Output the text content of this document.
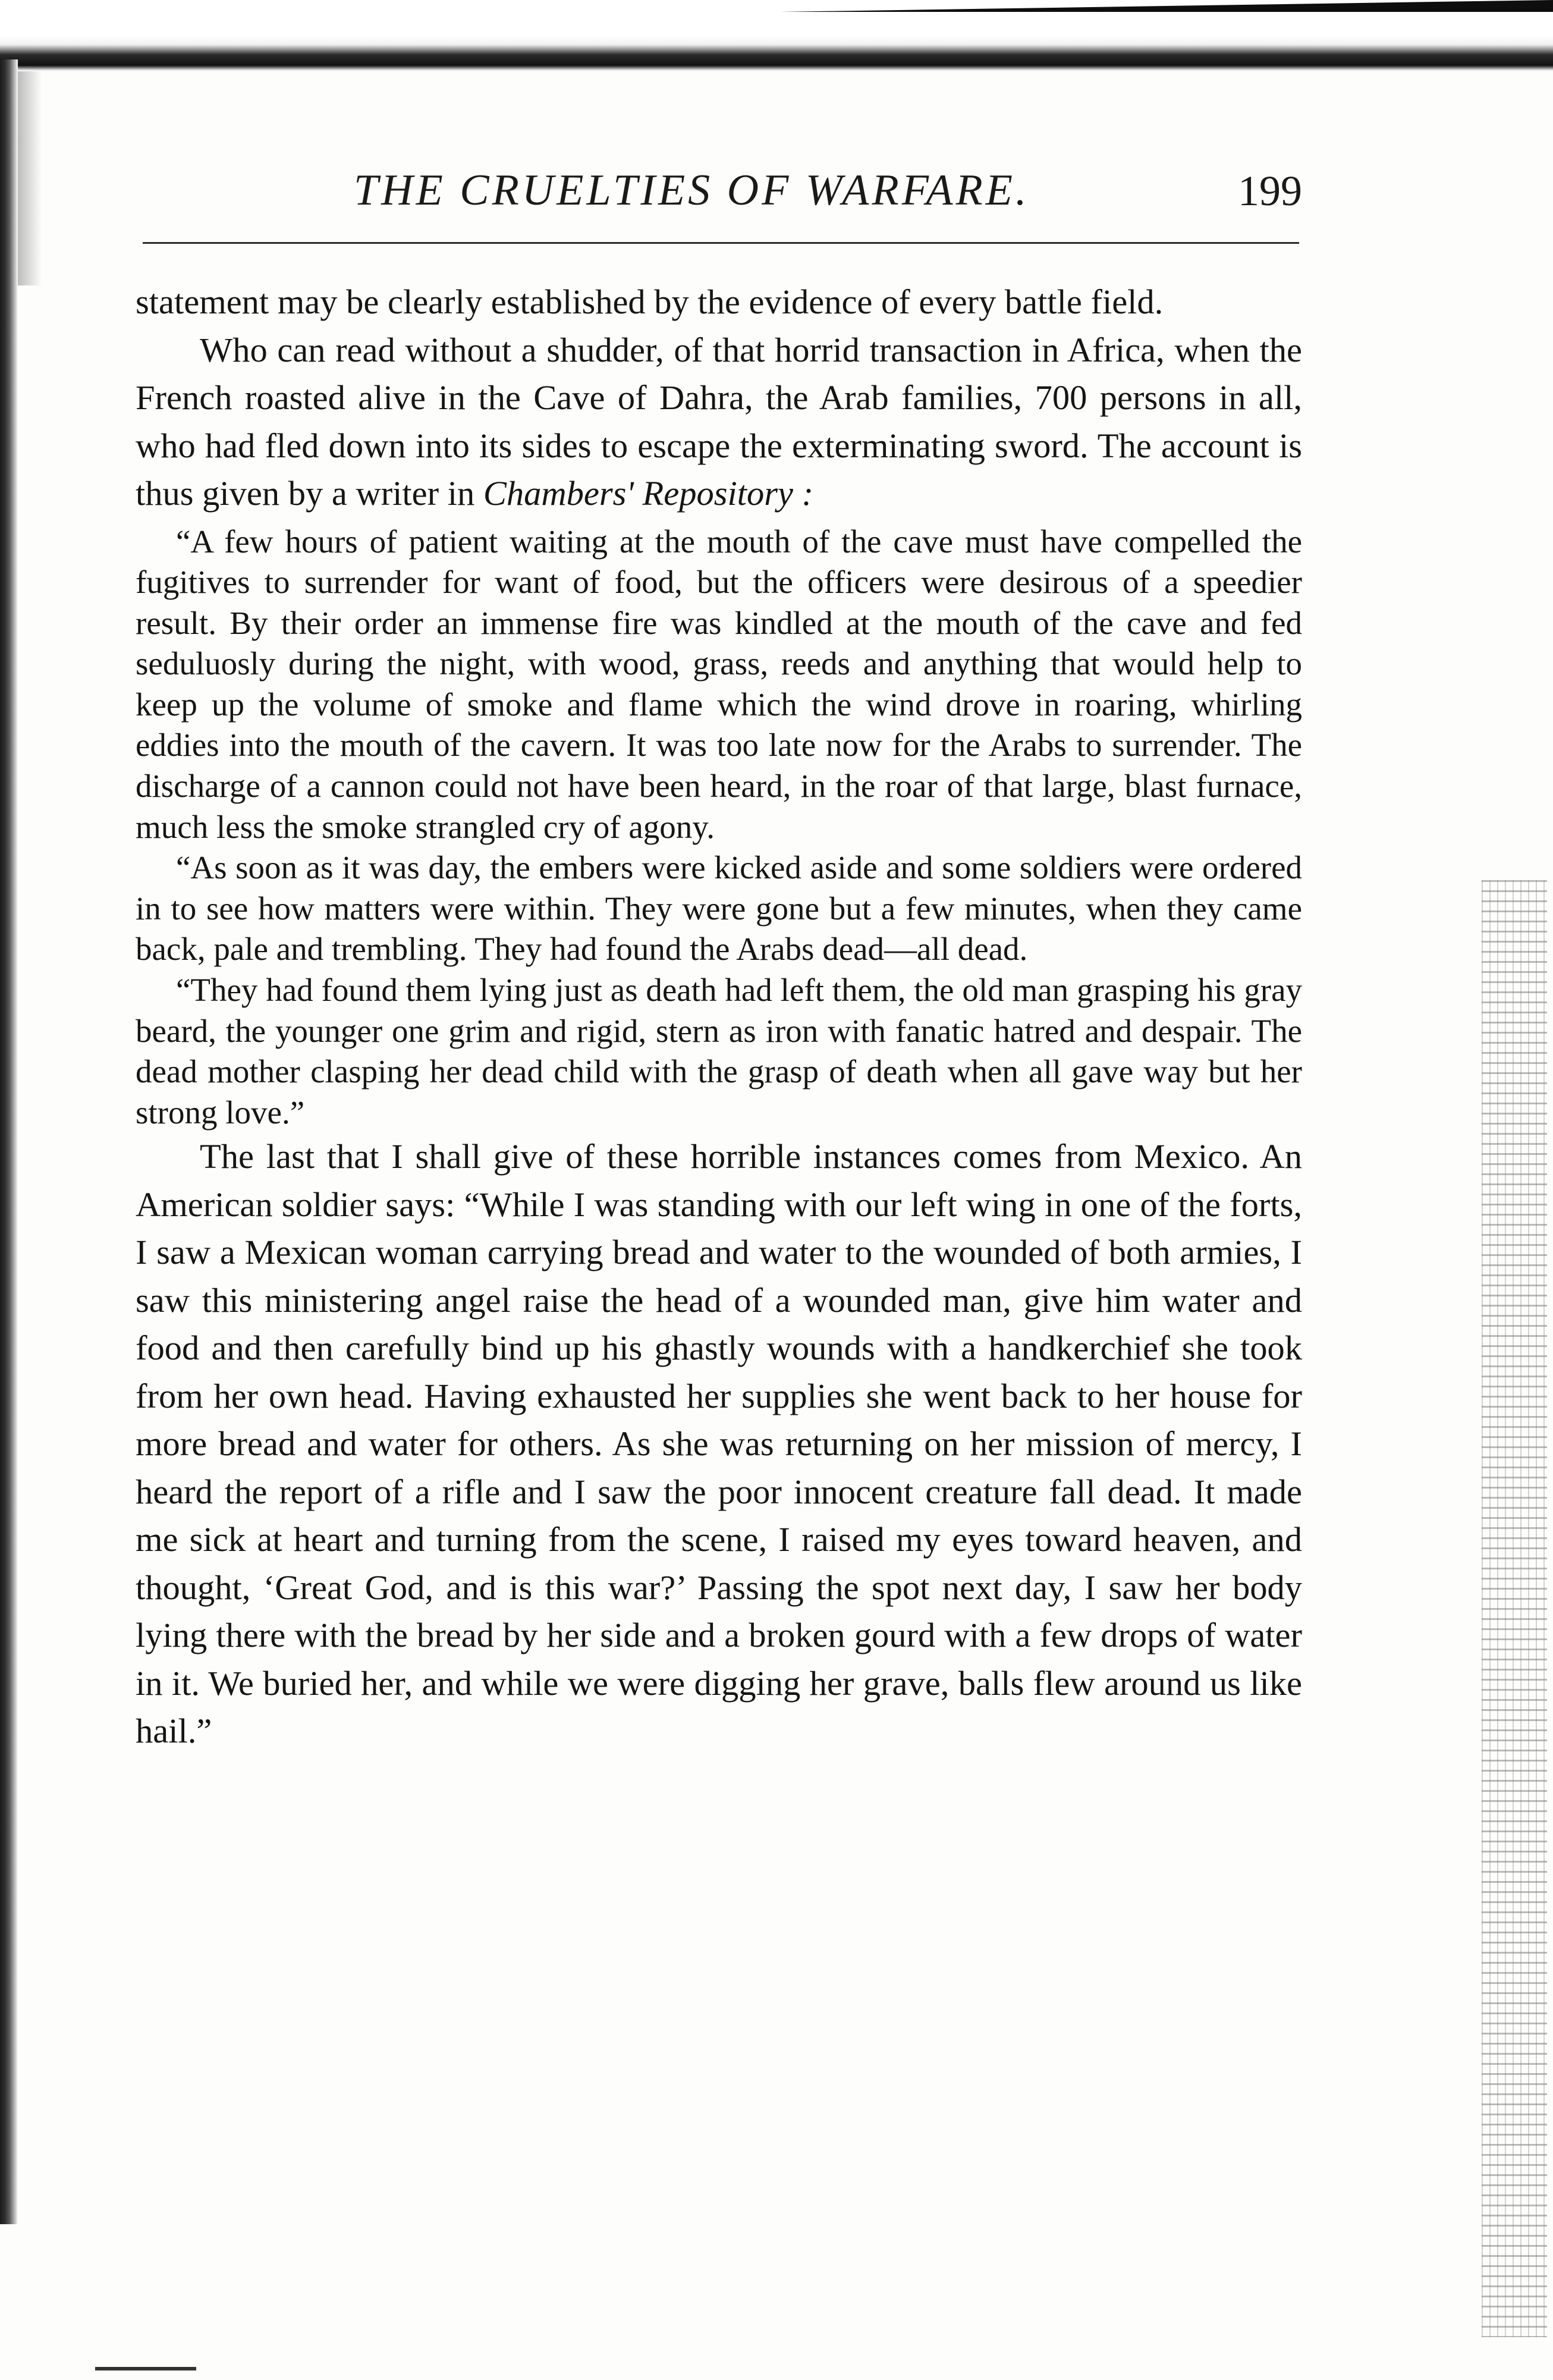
THE CRUELTIES OF WARFARE.	199

statement may be clearly established by the evidence of every battle field.

Who can read without a shudder, of that horrid transaction in Africa, when the French roasted alive in the Cave of Dahra, the Arab families, 700 persons in all, who had fled down into its sides to escape the exterminating sword. The account is thus given by a writer in Chambers' Repository :

“A few hours of patient waiting at the mouth of the cave must have compelled the fugitives to surrender for want of food, but the officers were desirous of a speedier result. By their order an immense fire was kindled at the mouth of the cave and fed seduluosly during the night, with wood, grass, reeds and anything that would help to keep up the volume of smoke and flame which the wind drove in roaring, whirling eddies into the mouth of the cavern. It was too late now for the Arabs to surrender. The discharge of a cannon could not have been heard, in the roar of that large, blast furnace, much less the smoke strangled cry of agony.

“As soon as it was day, the embers were kicked aside and some soldiers were ordered in to see how matters were within. They were gone but a few minutes, when they came back, pale and trembling. They had found the Arabs dead—all dead.

“They had found them lying just as death had left them, the old man grasping his gray beard, the younger one grim and rigid, stern as iron with fanatic hatred and despair. The dead mother clasping her dead child with the grasp of death when all gave way but her strong love.”

The last that I shall give of these horrible instances comes from Mexico. An American soldier says: “While I was standing with our left wing in one of the forts, I saw a Mexican woman carrying bread and water to the wounded of both armies, I saw this ministering angel raise the head of a wounded man, give him water and food and then carefully bind up his ghastly wounds with a handkerchief she took from her own head. Having exhausted her supplies she went back to her house for more bread and water for others. As she was returning on her mission of mercy, I heard the report of a rifle and I saw the poor innocent creature fall dead. It made me sick at heart and turning from the scene, I raised my eyes toward heaven, and thought, ‘Great God, and is this war?’ Passing the spot next day, I saw her body lying there with the bread by her side and a broken gourd with a few drops of water in it. We buried her, and while we were digging her grave, balls flew around us like hail.”
